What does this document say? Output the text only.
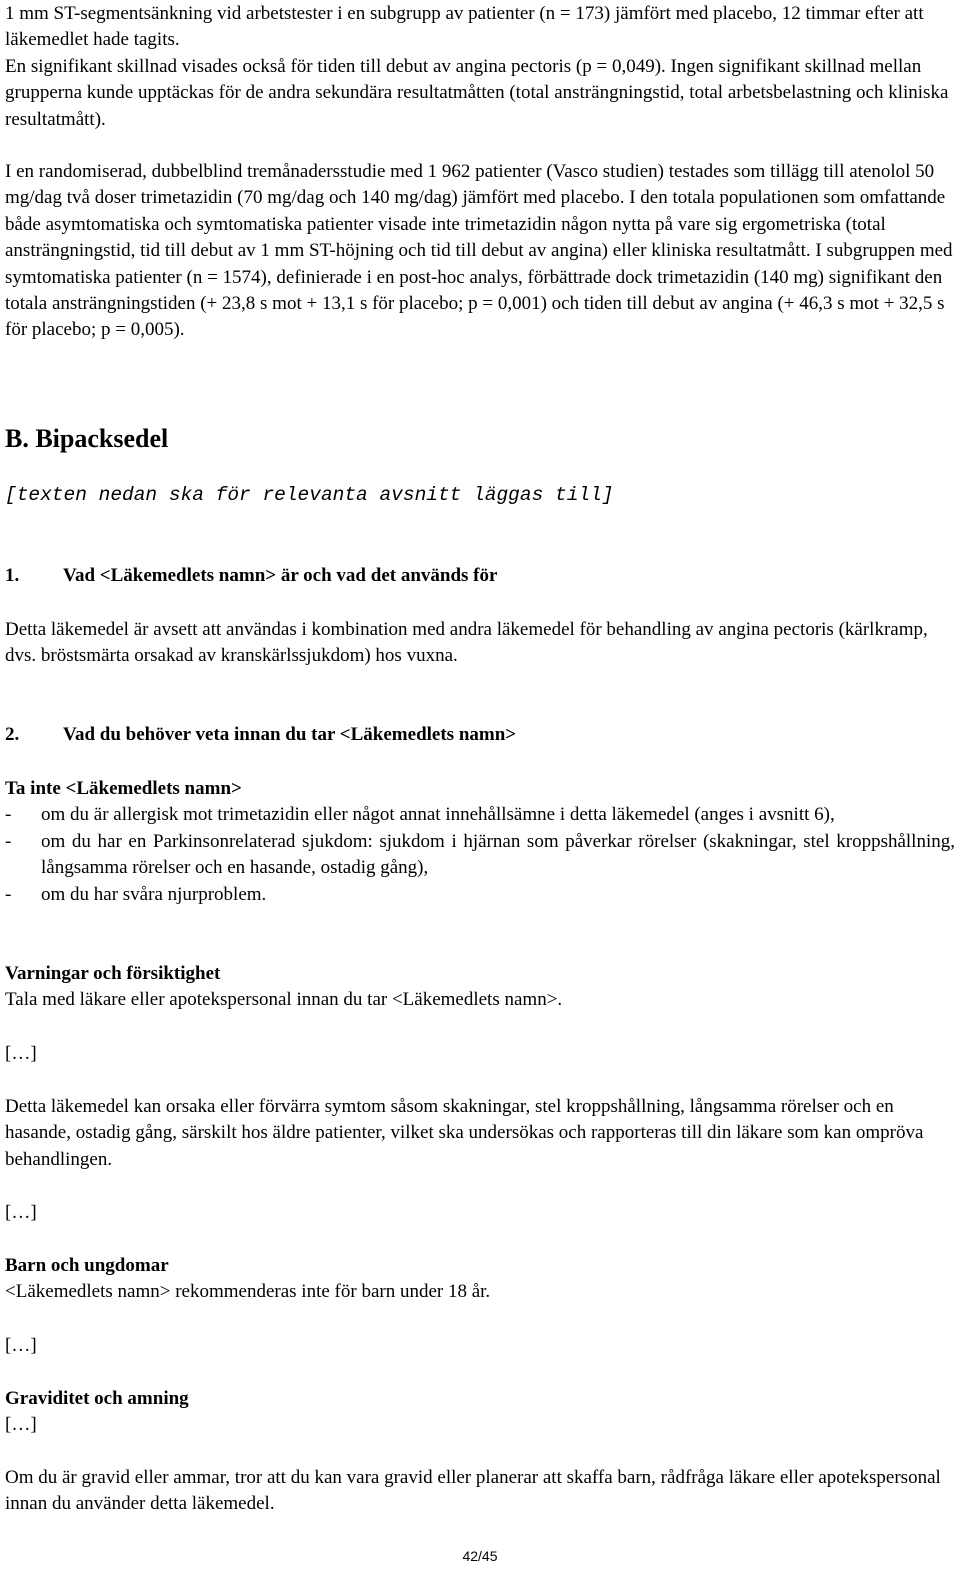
1 mm ST-segmentsänkning vid arbetstester i en subgrupp av patienter (n = 173) jämfört med placebo, 12 timmar efter att läkemedlet hade tagits.

En signifikant skillnad visades också för tiden till debut av angina pectoris (p = 0,049). Ingen signifikant skillnad mellan grupperna kunde upptäckas för de andra sekundära resultatmåtten (total ansträngningstid, total arbetsbelastning och kliniska resultatmått).

I en randomiserad, dubbelblind tremånadersstudie med 1 962 patienter (Vasco studien) testades som tillägg till atenolol 50 mg/dag två doser trimetazidin (70 mg/dag och 140 mg/dag) jämfört med placebo. I den totala populationen som omfattande både asymtomatiska och symtomatiska patienter visade inte trimetazidin någon nytta på vare sig ergometriska (total ansträngningstid, tid till debut av 1 mm ST-höjning och tid till debut av angina) eller kliniska resultatmått. I subgruppen med symtomatiska patienter (n = 1574), definierade i en post-hoc analys, förbättrade dock trimetazidin (140 mg) signifikant den totala ansträngningstiden (+ 23,8 s mot + 13,1 s för placebo; p = 0,001) och tiden till debut av angina (+ 46,3 s mot + 32,5 s för placebo; p = 0,005).

B. Bipacksedel

[texten nedan ska för relevanta avsnitt läggas till]

1. Vad <Läkemedlets namn> är och vad det används för

Detta läkemedel är avsett att användas i kombination med andra läkemedel för behandling av angina pectoris (kärlkramp, dvs. bröstsmärta orsakad av kranskärlssjukdom) hos vuxna.

2. Vad du behöver veta innan du tar <Läkemedlets namn>

Ta inte <Läkemedlets namn>

-	om du är allergisk mot trimetazidin eller något annat innehållsämne i detta läkemedel (anges i avsnitt 6),
-	om du har en Parkinsonrelaterad sjukdom: sjukdom i hjärnan som påverkar rörelser (skakningar, stel kroppshållning, långsamma rörelser och en hasande, ostadig gång),
-	om du har svåra njurproblem.

Varningar och försiktighet

Tala med läkare eller apotekspersonal innan du tar <Läkemedlets namn>.

[…]

Detta läkemedel kan orsaka eller förvärra symtom såsom skakningar, stel kroppshållning, långsamma rörelser och en hasande, ostadig gång, särskilt hos äldre patienter, vilket ska undersökas och rapporteras till din läkare som kan ompröva behandlingen.

[…]

Barn och ungdomar

<Läkemedlets namn> rekommenderas inte för barn under 18 år.

[…]

Graviditet och amning

[…]

Om du är gravid eller ammar, tror att du kan vara gravid eller planerar att skaffa barn, rådfråga läkare eller apotekspersonal innan du använder detta läkemedel.

42/45
